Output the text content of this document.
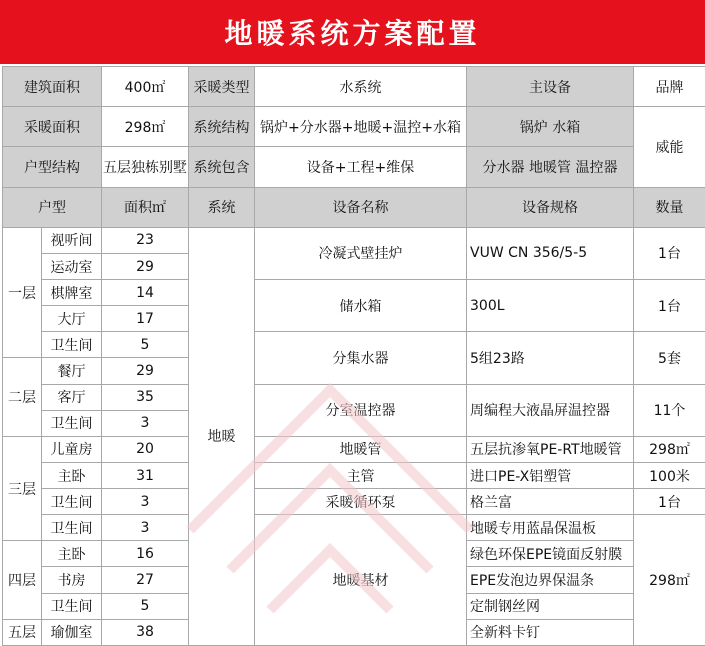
地暖系统方案配置
建筑面积		400㎡	采暖类型	水系统	主设备	品牌
采暖面积		298㎡	系统结构	锅炉+分水器+地暖+温控+水箱	锅炉 水箱	威能
户型结构		五层独栋别墅	系统包含	设备+工程+维保	分水器 地暖管 温控器	
户型		面积㎡	系统	设备名称	设备规格	数量
一层	视听间	23	地暖	冷凝式壁挂炉	VUW CN 356/5-5	1台
	运动室	29				
	棋牌室	14		储水箱	300L	1台
	大厅	17				
	卫生间	5		分集水器	5组23路	5套
二层	餐厅	29				
	客厅	35		分室温控器	周编程大液晶屏温控器	11个
	卫生间	3				
三层	儿童房	20		地暖管	五层抗渗氧PE-RT地暖管	298㎡
	主卧	31		主管	进口PE-X铝塑管	100米
	卫生间	3		采暖循环泵	格兰富	1台
	卫生间	3		地暖基材	地暖专用蓝晶保温板	298㎡
四层	主卧	16			绿色环保EPE镜面反射膜	
	书房	27			EPE发泡边界保温条	
	卫生间	5			定制钢丝网	
五层	瑜伽室	38			全新料卡钉	
